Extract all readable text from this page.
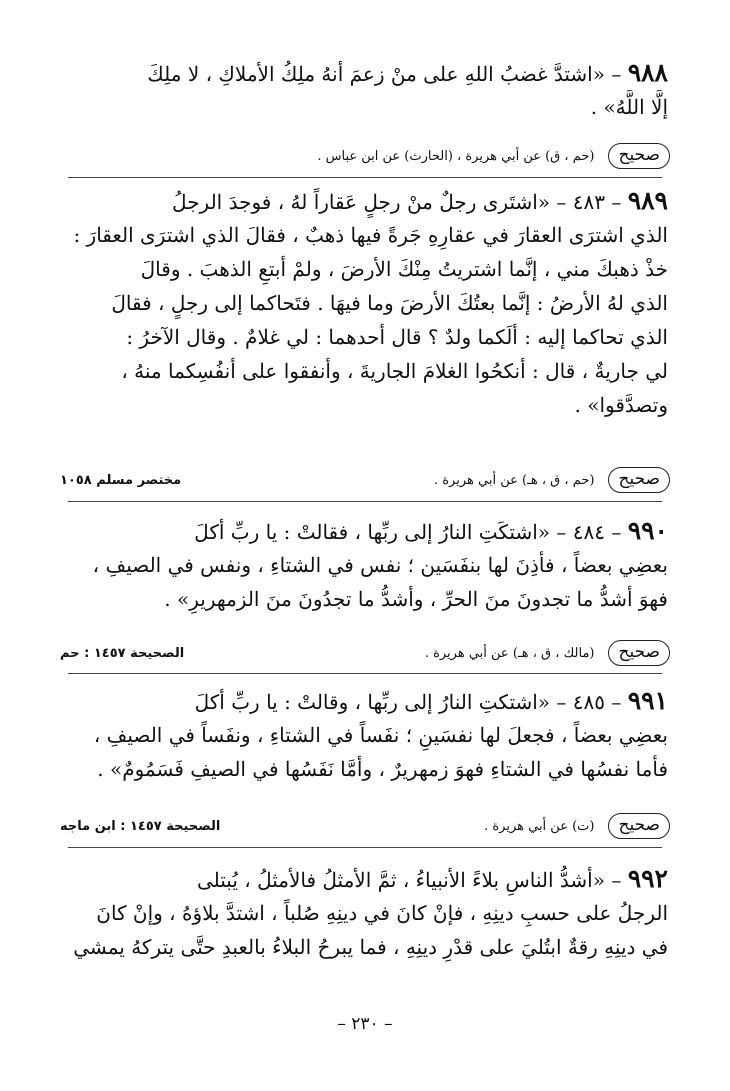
٩٨٨ – «اشتدَّ غضبُ اللهِ على منْ زعمَ أنهُ ملِكُ الأملاكِ ، لا ملِكَ
إلَّا اللَّهُ» .
صحيح
(حم ، ق) عن أبي هريرة ، (الحارث) عن ابن عباس .
٩٨٩ – ٤٨٣ – «اشتَرى رجلٌ منْ رجلٍ عَقاراً لهُ ، فوجدَ الرجلُ
الذي اشترَى العقارَ في عقارِهِ جَرةً فيها ذهبٌ ، فقالَ الذي اشترَى العقارَ :
خذْ ذهبكَ مني ، إنَّما اشتريتُ مِنْكَ الأرضَ ، ولمْ أبتعِ الذهبَ . وقالَ
الذي لهُ الأرضُ : إنَّما بعتُكَ الأرضَ وما فيهَا . فتَحاكما إلى رجلٍ ، فقالَ
الذي تحاكما إليه : ألَكما ولدٌ ؟ قال أحدهما : لي غلامٌ . وقال الآخرُ :
لي جاريةٌ ، قال : أنكحُوا الغلامَ الجاريةَ ، وأنفقوا على أنفُسِكما منهُ ،
وتصدَّقوا» .
صحيح
(حم ، ق ، هـ) عن أبي هريرة .
مختصر مسلم ١٠٥٨
٩٩٠ – ٤٨٤ – «اشتكَتِ النارُ إلى ربِّها ، فقالتْ : يا ربِّ أكلَ
بعضِي بعضاً ، فأذِنَ لها بنفَسَين ؛ نفس في الشتاءِ ، ونفس في الصيفِ ،
فهوَ أشدُّ ما تجدونَ منَ الحرِّ ، وأشدُّ ما تجدُونَ منَ الزمهريرِ» .
صحيح
(مالك ، ق ، هـ) عن أبي هريرة .
الصحيحة ١٤٥٧ : حم
٩٩١ – ٤٨٥ – «اشتكتِ النارُ إلى ربِّها ، وقالتْ : يا ربِّ أكلَ
بعضِي بعضاً ، فجعلَ لها نفسَينِ ؛ نفَساً في الشتاءِ ، ونفَساً في الصيفِ ،
فأما نفسُها في الشتاءِ فهوَ زمهريرٌ ، وأمَّا نَفَسُها في الصيفِ فَسَمُومٌ» .
صحيح
(ت) عن أبي هريرة .
الصحيحة ١٤٥٧ : ابن ماجه
٩٩٢ – «أشدُّ الناسِ بلاءً الأنبياءُ ، ثمَّ الأمثلُ فالأمثلُ ، يُبتلى
الرجلُ على حسبِ دينِهِ ، فإنْ كانَ في دينِهِ صُلباً ، اشتدَّ بلاؤهُ ، وإنْ كانَ
في دينِهِ رقةٌ ابتُليَ على قدْرِ دينِهِ ، فما يبرحُ البلاءُ بالعبدِ حتَّى يتركهُ يمشي
– ٢٣٠ –
